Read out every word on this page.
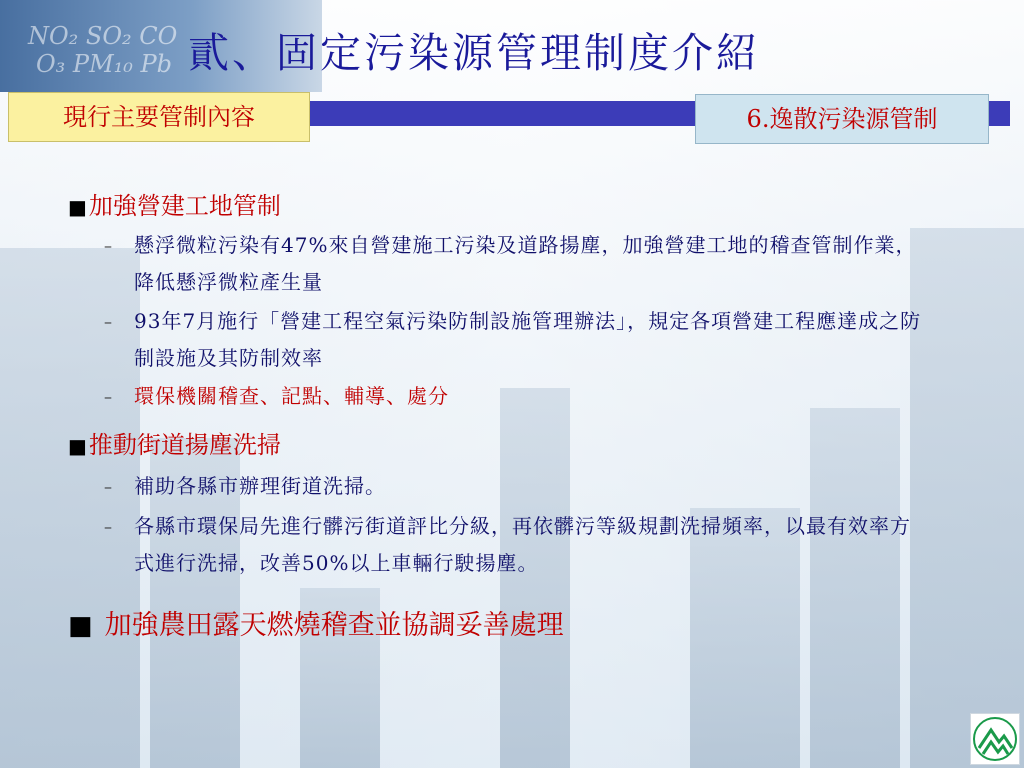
NO₂ SO₂ CO
O₃ PM₁₀ Pb 貳、固定污染源管理制度介紹
現行主要管制內容	6.逸散污染源管制
■加強營建工地管制
– 懸浮微粒污染有47%來自營建施工污染及道路揚塵，加強營建工地的稽查管制作業，降低懸浮微粒產生量
– 93年7月施行「營建工程空氣污染防制設施管理辦法」，規定各項營建工程應達成之防制設施及其防制效率
– 環保機關稽查、記點、輔導、處分
■推動街道揚塵洗掃
– 補助各縣市辦理街道洗掃。
– 各縣市環保局先進行髒污街道評比分級，再依髒污等級規劃洗掃頻率，以最有效率方式進行洗掃，改善50%以上車輛行駛揚塵。
■ 加強農田露天燃燒稽查並協調妥善處理
